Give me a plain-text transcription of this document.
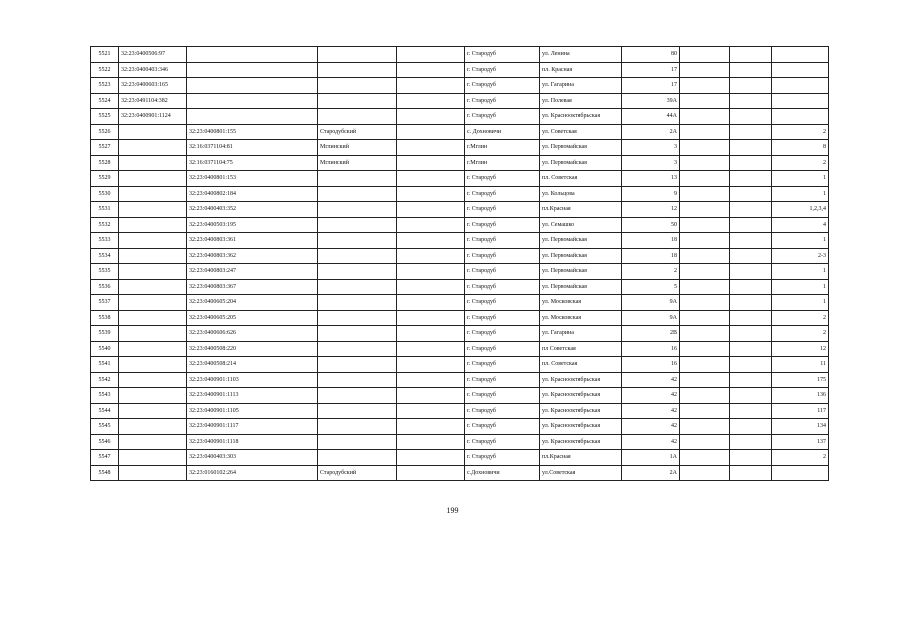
5521	32:23:0400506:97				г. Стародуб	ул. Ленина	80			
5522	32:23:0400403:346				г. Стародуб	пл. Красная	17			
5523	32:23:0400603:165				г. Стародуб	ул. Гагарина	17			
5524	32:23:0491104:382				г. Стародуб	ул. Полевая	39А			
5525	32:23:0400901:1124				г. Стародуб	ул. Краснооктябрьская	44А			
5526		32:23:0400801:155	Стародубский		с. Дохновичи	ул. Советская	2А			2
5527		32:16:0371104:81	Мглинский		г.Мглин	ул. Первомайская	3			8
5528		32:16:0371104:75	Мглинский		г.Мглин	ул. Первомайская	3			2
5529		32:23:0400801:153			г. Стародуб	пл. Советская	13			1
5530		32:23:0400802:184			г. Стародуб	ул. Кольцова	9			1
5531		32:23:0400403:352			г. Стародуб	пл.Красная	12			1,2,3,4
5532		32:23:0400503:195			г. Стародуб	ул. Семашко	50			4
5533		32:23:0400803:361			г. Стародуб	ул. Первомайская	18			1
5534		32:23:0400803:362			г. Стародуб	ул. Первомайская	18			2-3
5535		32:23:0400803:247			г. Стародуб	ул. Первомайская	2			1
5536		32:23:0400803:367			г. Стародуб	ул. Первомайская	5			1
5537		32:23:0400605:204			г. Стародуб	ул. Московская	9А			1
5538		32:23:0400605:205			г. Стародуб	ул. Московская	9А			2
5539		32:23:0400606:626			г. Стародуб	ул. Гагарина	2В			2
5540		32:23:0400508:220			г. Стародуб	пл Советская	16			12
5541		32:23:0400508:214			г. Стародуб	пл. Советская	16			11
5542		32:23:0400901:1103			г. Стародуб	ул. Краснооктябрьская	42			175
5543		32:23:0400901:1113			г. Стародуб	ул. Краснооктябрьская	42			136
5544		32:23:0400901:1105			г. Стародуб	ул. Краснооктябрьская	42			117
5545		32:23:0400901:1117			г. Стародуб	ул. Краснооктябрьская	42			134
5546		32:23:0400901:1118			г. Стародуб	ул. Краснооктябрьская	42			137
5547		32:23:0400403:303			г. Стародуб	пл.Красная	1А			2
5548		32:23:0160102:264	Стародубский		с.Дохновичи	ул.Советская	2А			
199
